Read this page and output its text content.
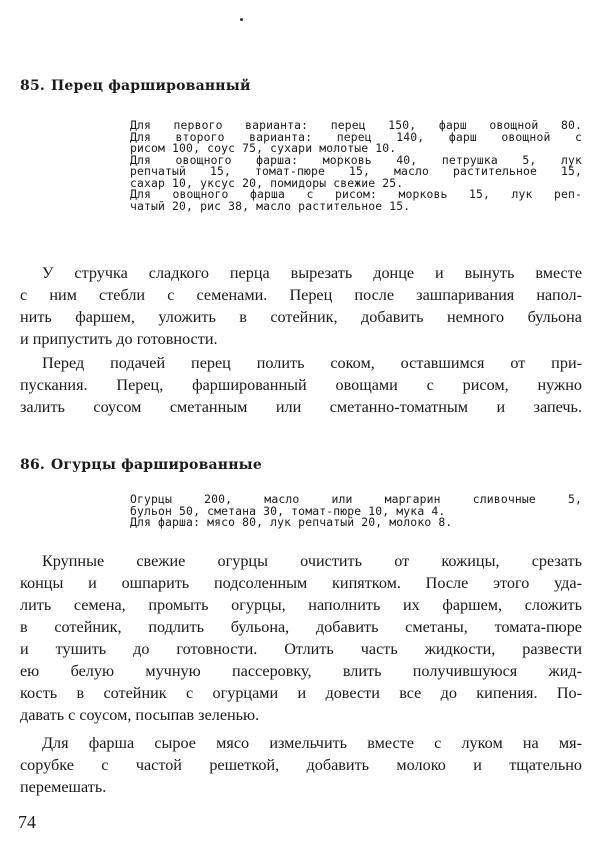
85. Перец фаршированный
Для первого варианта: перец 150, фарш овощной 80.
Для второго варианта: перец 140, фарш овощной с
рисом 100, соус 75, сухари молотые 10.
Для овощного фарша: морковь 40, петрушка 5, лук
репчатый 15, томат-пюре 15, масло растительное 15,
сахар 10, уксус 20, помидоры свежие 25.
Для овощного фарша с рисом: морковь 15, лук реп-
чатый 20, рис 38, масло растительное 15.
У стручка сладкого перца вырезать донце и вынуть вместе
с ним стебли с семенами. Перец после зашпаривания напол-
нить фаршем, уложить в сотейник, добавить немного бульона
и припустить до готовности.
Перед подачей перец полить соком, оставшимся от при-
пускания. Перец, фаршированный овощами с рисом, нужно
залить соусом сметанным или сметанно-томатным и запечь.
86. Огурцы фаршированные
Огурцы 200, масло или маргарин сливочные 5,
бульон 50, сметана 30, томат-пюре 10, мука 4.
Для фарша: мясо 80, лук репчатый 20, молоко 8.
Крупные свежие огурцы очистить от кожицы, срезать
концы и ошпарить подсоленным кипятком. После этого уда-
лить семена, промыть огурцы, наполнить их фаршем, сложить
в сотейник, подлить бульона, добавить сметаны, томата-пюре
и тушить до готовности. Отлить часть жидкости, развести
ею белую мучную пассеровку, влить получившуюся жид-
кость в сотейник с огурцами и довести все до кипения. По-
давать с соусом, посыпав зеленью.
Для фарша сырое мясо измельчить вместе с луком на мя-
сорубке с частой решеткой, добавить молоко и тщательно
перемешать.
74
